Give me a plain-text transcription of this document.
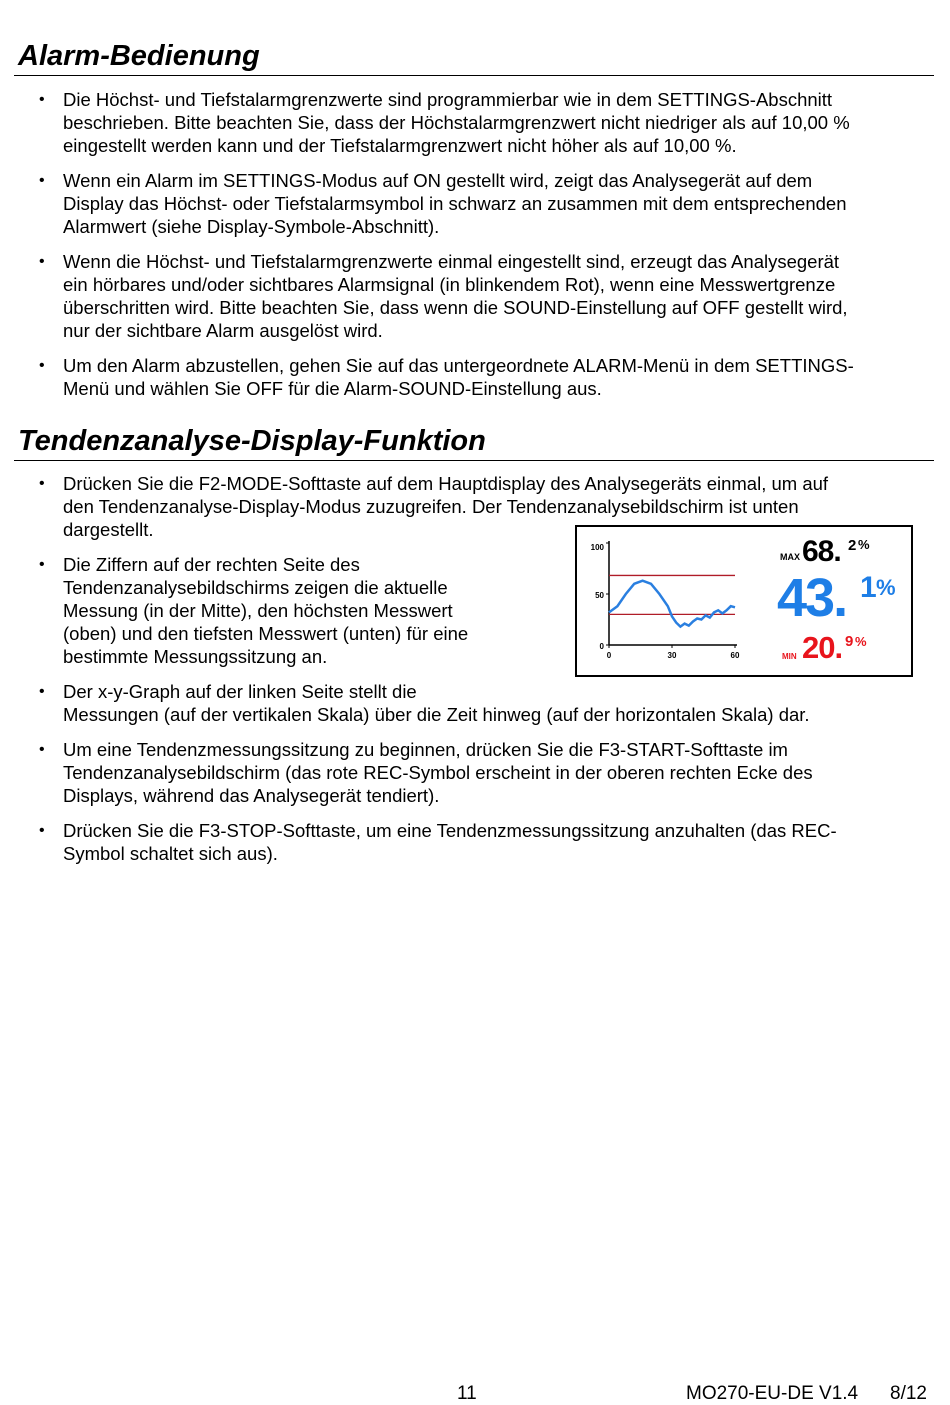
Alarm-Bedienung
• Die Höchst- und Tiefstalarmgrenzwerte sind programmierbar wie in dem SETTINGS-Abschnitt
beschrieben. Bitte beachten Sie, dass der Höchstalarmgrenzwert nicht niedriger als auf 10,00 %
eingestellt werden kann und der Tiefstalarmgrenzwert nicht höher als auf 10,00 %.
• Wenn ein Alarm im SETTINGS-Modus auf ON gestellt wird, zeigt das Analysegerät auf dem
Display das Höchst- oder Tiefstalarmsymbol in schwarz an zusammen mit dem entsprechenden
Alarmwert (siehe Display-Symbole-Abschnitt).
• Wenn die Höchst- und Tiefstalarmgrenzwerte einmal eingestellt sind, erzeugt das Analysegerät
ein hörbares und/oder sichtbares Alarmsignal (in blinkendem Rot), wenn eine Messwertgrenze
überschritten wird. Bitte beachten Sie, dass wenn die SOUND-Einstellung auf OFF gestellt wird,
nur der sichtbare Alarm ausgelöst wird.
• Um den Alarm abzustellen, gehen Sie auf das untergeordnete ALARM-Menü in dem SETTINGS-
Menü und wählen Sie OFF für die Alarm-SOUND-Einstellung aus.
Tendenzanalyse-Display-Funktion
• Drücken Sie die F2-MODE-Softtaste auf dem Hauptdisplay des Analysegeräts einmal, um auf
den Tendenzanalyse-Display-Modus zuzugreifen. Der Tendenzanalysebildschirm ist unten
dargestellt.
• Die Ziffern auf der rechten Seite des
Tendenzanalysebildschirms zeigen die aktuelle
Messung (in der Mitte), den höchsten Messwert
(oben) und den tiefsten Messwert (unten) für eine
bestimmte Messungssitzung an.
• Der x-y-Graph auf der linken Seite stellt die
Messungen (auf der vertikalen Skala) über die Zeit hinweg (auf der horizontalen Skala) dar.
• Um eine Tendenzmessungssitzung zu beginnen, drücken Sie die F3-START-Softtaste im
Tendenzanalysebildschirm (das rote REC-Symbol erscheint in der oberen rechten Ecke des
Displays, während das Analysegerät tendiert).
• Drücken Sie die F3-STOP-Softtaste, um eine Tendenzmessungssitzung anzuhalten (das REC-
Symbol schaltet sich aus).
100
50
0
0	30	60
MAX 68. 2 %
43. 1 %
MIN 20. 9 %
11	MO270-EU-DE V1.4 8/12
